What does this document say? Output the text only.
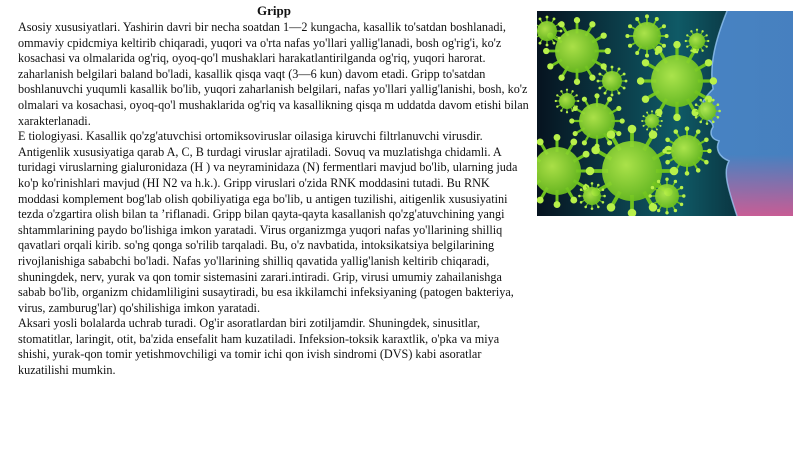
Gripp

Asosiy xususiyatlari. Yashirin davri bir necha soatdan 1—2 kungacha, kasallik to'satdan boshlanadi, ommaviy cpidcmiya keltirib chiqaradi, yuqori va o'rta nafas yo'llari yallig'lanadi, bosh og'rig'i, ko'z kosachasi va olmalarida og'riq, oyoq-qo'l mushaklari harakatlantirilganda og'riq, yuqori harorat. zaharlanish belgilari baland bo'ladi, kasallik qisqa vaqt (3—6 kun) davom etadi. Gripp to'satdan boshlanuvchi yuqumli kasallik bo'lib, yuqori zaharlanish belgilari, nafas yo'llari yallig'lanishi, bosh, ko'z olmalari va kosachasi, oyoq-qo'l mushaklarida og'riq va kasallikning qisqa m uddatda davom etishi bilan xarakterlanadi.

E tiologiyasi. Kasallik qo'zg'atuvchisi ortomiksoviruslar oilasiga kiruvchi filtrlanuvchi virusdir. Antigenlik xususiyatiga qarab A, C, B turdagi viruslar ajratiladi. Sovuq va muzlatishga chidamli. A turidagi viruslarning gialuronidaza (H ) va neyraminidaza (N) fermentlari mavjud bo'lib, ularning juda ko'p ko'rinishlari mavjud (HI N2 va h.k.). Gripp viruslari o'zida RNK moddasini tutadi. Bu RNK moddasi komplement bog'lab olish qobiliyatiga ega bo'lib, u antigen tuzilishi, aitigenlik xususiyatini tezda o'zgartira olish bilan ta ’riflanadi. Gripp bilan qayta-qayta kasallanish qo'zg'atuvchining yangi shtammlarining paydo bo'lishiga imkon yaratadi. Virus organizmga yuqori nafas yo'llarining shilliq qavatlari orqali kirib. so'ng qonga so'rilib tarqaladi. Bu, o'z navbatida, intoksikatsiya belgilarining rivojlanishiga sababchi bo'ladi. Nafas yo'llarining shilliq qavatida yallig'lanish keltirib chiqaradi, shuningdek, nerv, yurak va qon tomir sistemasini zarari.intiradi. Grip, virusi umumiy zahailanishga sabab bo'lib, organizm chidamliligini susaytiradi, bu esa ikkilamchi infeksiyaning (patogen bakteriya, virus, zamburug'lar) qo'shilishiga imkon yaratadi.

Aksari yosli bolalarda uchrab turadi. Og'ir asoratlardan biri zotiljamdir. Shuningdek, sinusitlar, stomatitlar, laringit, otit, ba'zida ensefalit ham kuzatiladi. Infeksion-toksik karaxtlik, o'pka va miya shishi, yurak-qon tomir yetishmovchiligi va tomir ichi qon ivish sindromi (DVS) kabi asoratlar kuzatilishi mumkin.
